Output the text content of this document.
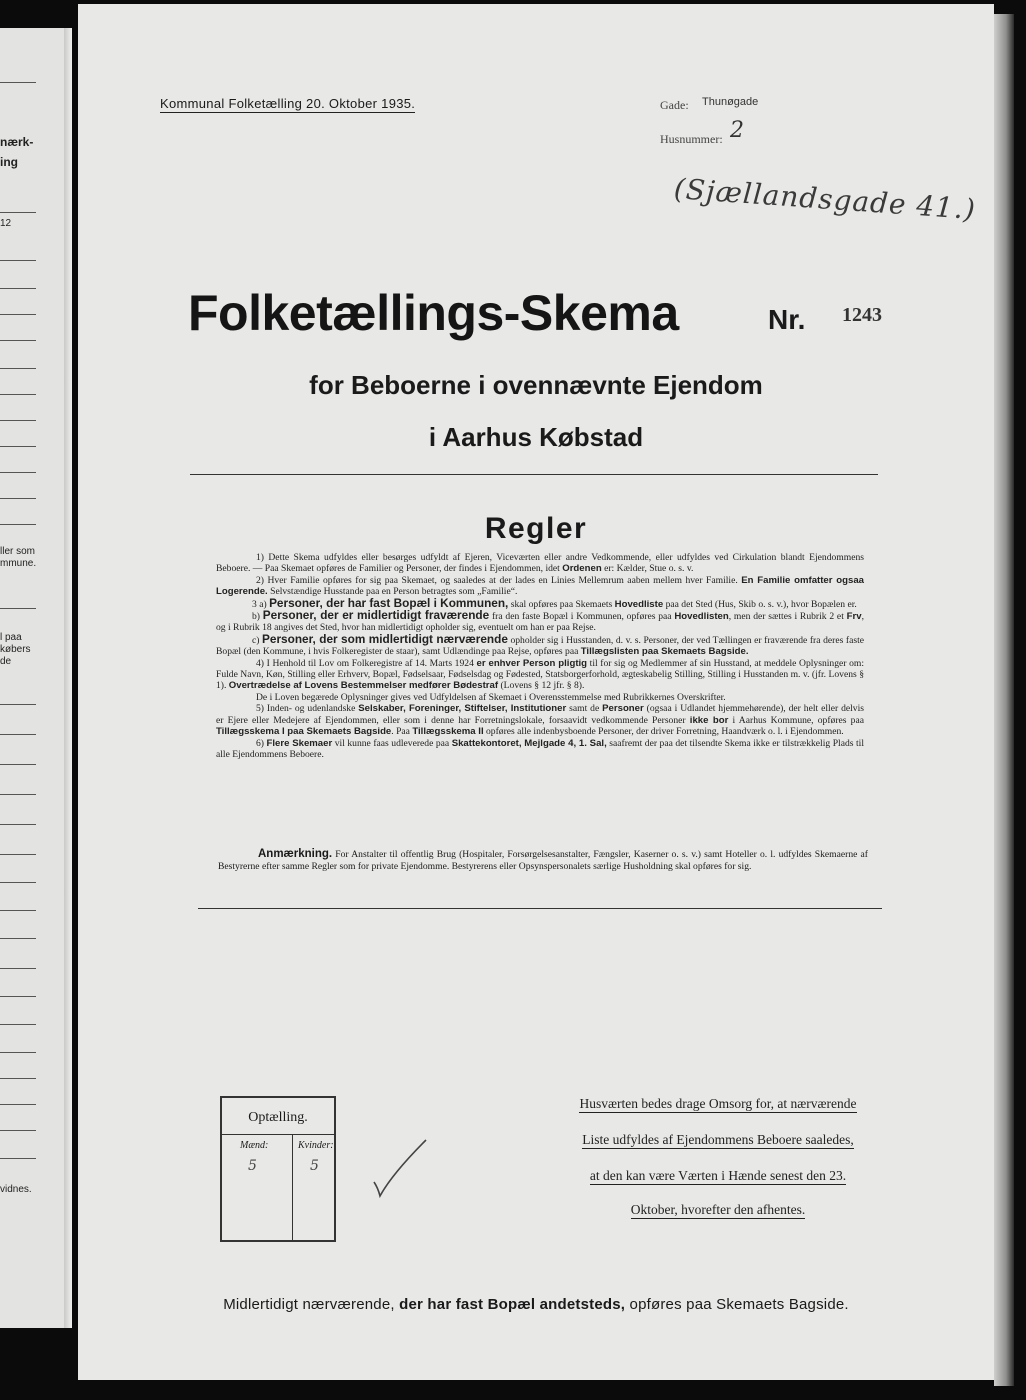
nærk-
ing
12
ller som
mmune.
l paa
købers
de
vidnes.
Kommunal Folketælling 20. Oktober 1935.	Gade: Thunøgade
Husnummer: 2
(Sjællandsgade 41.)
Folketællings-Skema	Nr. 1243
for Beboerne i ovennævnte Ejendom
i Aarhus Købstad
Regler

1) Dette Skema udfyldes eller besørges udfyldt af Ejeren, Viceværten eller andre Vedkommende, eller udfyldes ved Cirkulation blandt Ejendommens Beboere. — Paa Skemaet opføres de Familier og Personer, der findes i Ejendommen, idet Ordenen er: Kælder, Stue o. s. v.

2) Hver Familie opføres for sig paa Skemaet, og saaledes at der lades en Linies Mellemrum aaben mellem hver Familie. En Familie omfatter ogsaa Logerende. Selvstændige Husstande paa en Person betragtes som „Familie“.

3 a) Personer, der har fast Bopæl i Kommunen, skal opføres paa Skemaets Hovedliste paa det Sted (Hus, Skib o. s. v.), hvor Bopælen er.

b) Personer, der er midlertidigt fraværende fra den faste Bopæl i Kommunen, opføres paa Hovedlisten, men der sættes i Rubrik 2 et Frv, og i Rubrik 18 angives det Sted, hvor han midlertidigt opholder sig, eventuelt om han er paa Rejse.

c) Personer, der som midlertidigt nærværende opholder sig i Husstanden, d. v. s. Personer, der ved Tællingen er fraværende fra deres faste Bopæl (den Kommune, i hvis Folkeregister de staar), samt Udlændinge paa Rejse, opføres paa Tillægslisten paa Skemaets Bagside.

4) I Henhold til Lov om Folkeregistre af 14. Marts 1924 er enhver Person pligtig til for sig og Medlemmer af sin Husstand, at meddele Oplysninger om: Fulde Navn, Køn, Stilling eller Erhverv, Bopæl, Fødselsaar, Fødselsdag og Fødested, Statsborgerforhold, ægteskabelig Stilling, Stilling i Husstanden m. v. (jfr. Lovens § 1). Overtrædelse af Lovens Bestemmelser medfører Bødestraf (Lovens § 12 jfr. § 8).

De i Loven begærede Oplysninger gives ved Udfyldelsen af Skemaet i Overensstemmelse med Rubrikkernes Overskrifter.

5) Inden- og udenlandske Selskaber, Foreninger, Stiftelser, Institutioner samt de Personer (ogsaa i Udlandet hjemmehørende), der helt eller delvis er Ejere eller Medejere af Ejendommen, eller som i denne har Forretningslokale, forsaavidt vedkommende Personer ikke bor i Aarhus Kommune, opføres paa Tillægsskema I paa Skemaets Bagside. Paa Tillægsskema II opføres alle indenbysboende Personer, der driver Forretning, Haandværk o. l. i Ejendommen.

6) Flere Skemaer vil kunne faas udleverede paa Skattekontoret, Mejlgade 4, 1. Sal, saafremt der paa det tilsendte Skema ikke er tilstrækkelig Plads til alle Ejendommens Beboere.

Anmærkning. For Anstalter til offentlig Brug (Hospitaler, Forsørgelsesanstalter, Fængsler, Kaserner o. s. v.) samt Hoteller o. l. udfyldes Skemaerne af Bestyrerne efter samme Regler som for private Ejendomme. Bestyrerens eller Opsynspersonalets særlige Husholdning skal opføres for sig.
Optælling.
Mænd:	Kvinder:
5	5
Husværten bedes drage Omsorg for, at nærværende
Liste udfyldes af Ejendommens Beboere saaledes,
at den kan være Værten i Hænde senest den 23.
Oktober, hvorefter den afhentes.
Midlertidigt nærværende, der har fast Bopæl andetsteds, opføres paa Skemaets Bagside.
